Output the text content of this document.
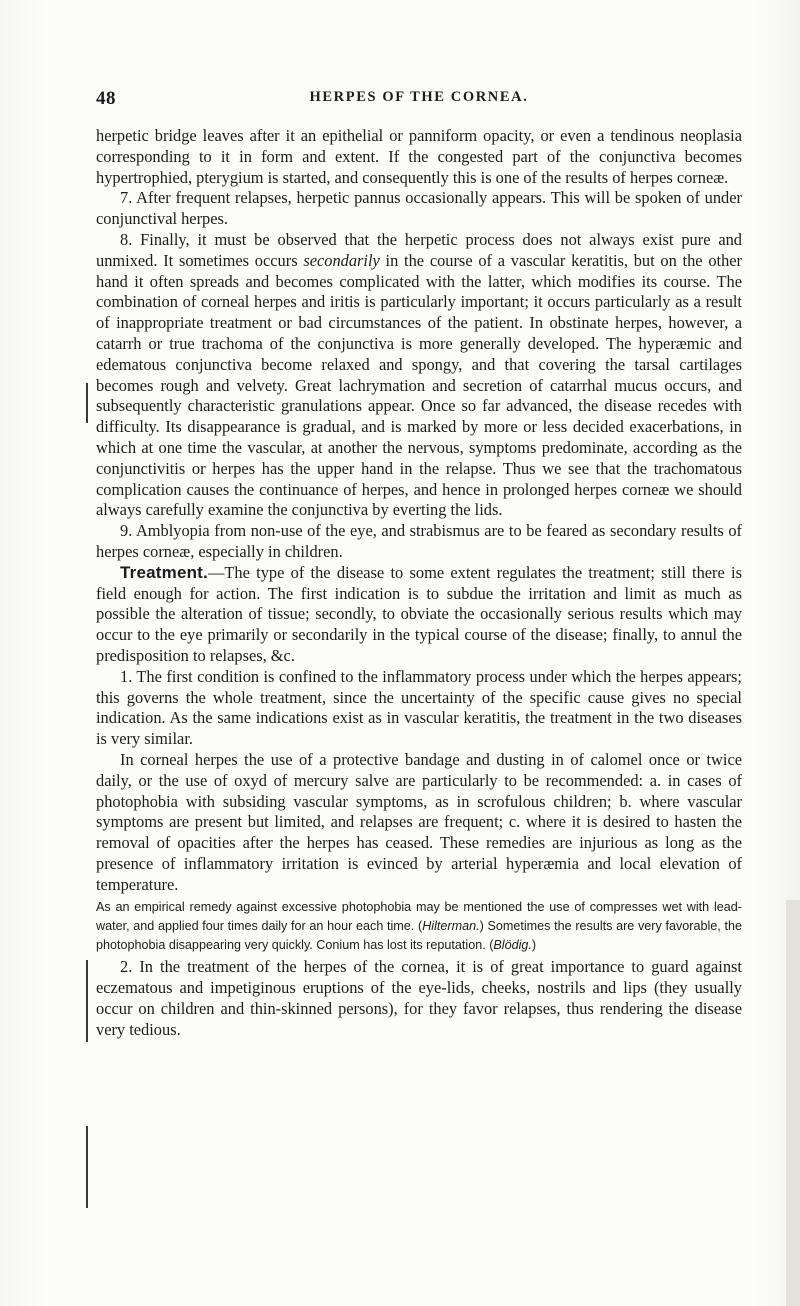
48	HERPES OF THE CORNEA.

herpetic bridge leaves after it an epithelial or panniform opacity, or even a tendinous neoplasia corresponding to it in form and extent. If the congested part of the conjunctiva becomes hypertrophied, pterygium is started, and consequently this is one of the results of herpes corneæ.

7. After frequent relapses, herpetic pannus occasionally appears. This will be spoken of under conjunctival herpes.

8. Finally, it must be observed that the herpetic process does not always exist pure and unmixed. It sometimes occurs secondarily in the course of a vascular keratitis, but on the other hand it often spreads and becomes complicated with the latter, which modifies its course. The combination of corneal herpes and iritis is particularly important; it occurs particularly as a result of inappropriate treatment or bad circumstances of the patient. In obstinate herpes, however, a catarrh or true trachoma of the conjunctiva is more generally developed. The hyperæmic and edematous conjunctiva become relaxed and spongy, and that covering the tarsal cartilages becomes rough and velvety. Great lachrymation and secretion of catarrhal mucus occurs, and subsequently characteristic granulations appear. Once so far advanced, the disease recedes with difficulty. Its disappearance is gradual, and is marked by more or less decided exacerbations, in which at one time the vascular, at another the nervous, symptoms predominate, according as the conjunctivitis or herpes has the upper hand in the relapse. Thus we see that the trachomatous complication causes the continuance of herpes, and hence in prolonged herpes corneæ we should always carefully examine the conjunctiva by everting the lids.

9. Amblyopia from non-use of the eye, and strabismus are to be feared as secondary results of herpes corneæ, especially in children.

Treatment.—The type of the disease to some extent regulates the treatment; still there is field enough for action. The first indication is to subdue the irritation and limit as much as possible the alteration of tissue; secondly, to obviate the occasionally serious results which may occur to the eye primarily or secondarily in the typical course of the disease; finally, to annul the predisposition to relapses, &c.

1. The first condition is confined to the inflammatory process under which the herpes appears; this governs the whole treatment, since the uncertainty of the specific cause gives no special indication. As the same indications exist as in vascular keratitis, the treatment in the two diseases is very similar.

In corneal herpes the use of a protective bandage and dusting in of calomel once or twice daily, or the use of oxyd of mercury salve are particularly to be recommended: a. in cases of photophobia with subsiding vascular symptoms, as in scrofulous children; b. where vascular symptoms are present but limited, and relapses are frequent; c. where it is desired to hasten the removal of opacities after the herpes has ceased. These remedies are injurious as long as the presence of inflammatory irritation is evinced by arterial hyperæmia and local elevation of temperature.

As an empirical remedy against excessive photophobia may be mentioned the use of compresses wet with lead-water, and applied four times daily for an hour each time. (Hilterman.) Sometimes the results are very favorable, the photophobia disappearing very quickly. Conium has lost its reputation. (Blödig.)

2. In the treatment of the herpes of the cornea, it is of great importance to guard against eczematous and impetiginous eruptions of the eye-lids, cheeks, nostrils and lips (they usually occur on children and thin-skinned persons), for they favor relapses, thus rendering the disease very tedious.
